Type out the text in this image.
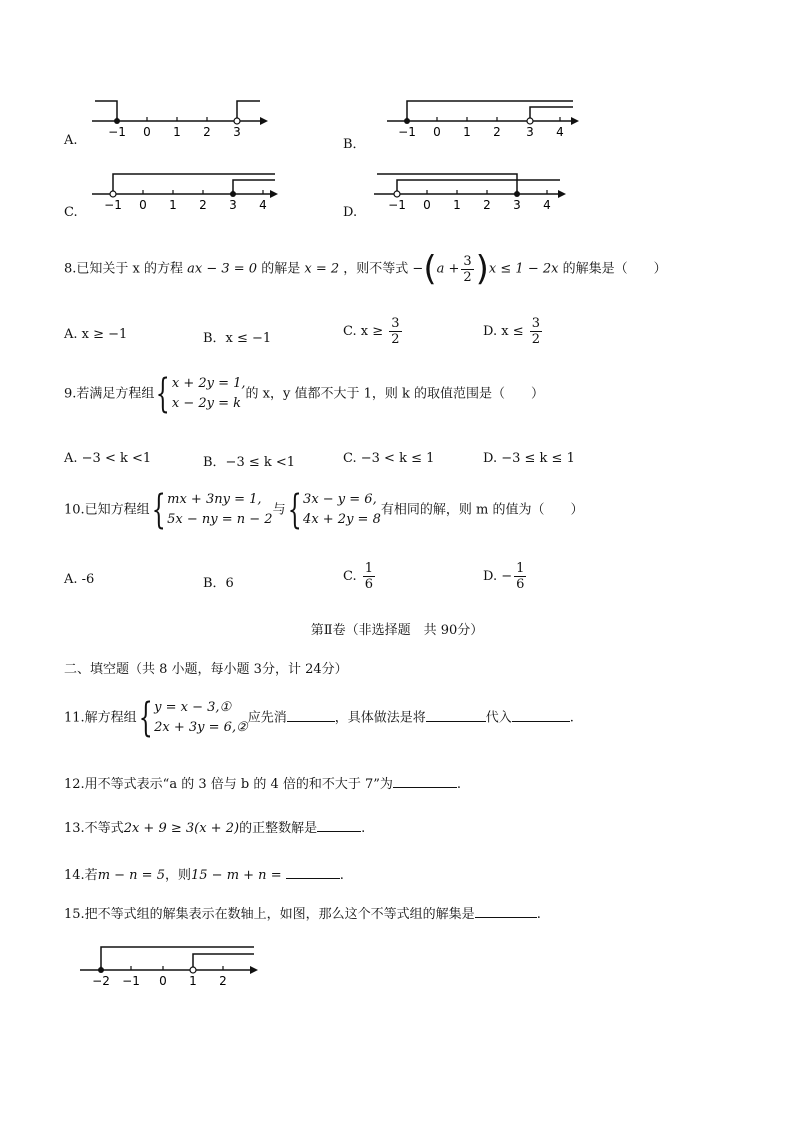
A.
−1 0 1 2 3
B．
−1 0 1 2 3 4
C. −1 0 1 2 3 4	D.	−1 0 1 2 3 4
8.已知关于 x 的方程 ax − 3 = 0 的解是 x = 2 ，则不等式 $-(a + \frac{3}{2} )x \le 1 - 2x$ 的解集是（　　）
A. x ≥ −1	B．x ≤ −1	C. $x \ge \frac{3}{2}$	D. $x \le \frac{3}{2}$
9.若满足方程组 { x + 2y = 1,
x − 2y = k
的 x，y 值都不大于 1，则 k 的取值范围是（　　）
A. −3 < k <1	B．−3 ≤ k <1	C. −3 < k ≤ 1	D. −3 ≤ k ≤ 1
10.已知方程组 { mx + 3ny = 1,
5x − ny = n − 2
与 { 3x − y = 6,
4x + 2y = 8
有相同的解，则 m 的值为（　　）
A. -6	B．6	C. $\frac{1}{6}$	D. − $\frac{1}{6}$
第Ⅱ卷（非选择题　共 90分）
二、填空题（共 8 小题，每小题 3分，计 24分）
11.解方程组 { y = x − 3,①
2x + 3y = 6,②
应先消	，具体做法是将	代入	.
12.用不等式表示“a 的 3 倍与 b 的 4 倍的和不大于 7”为	.
13.不等式2x + 9 ≥ 3(x + 2)的正整数解是	.
14.若m − n = 5，则15 − m + n =	.
15.把不等式组的解集表示在数轴上，如图，那么这个不等式组的解集是	.
−2 −1 0 1 2
